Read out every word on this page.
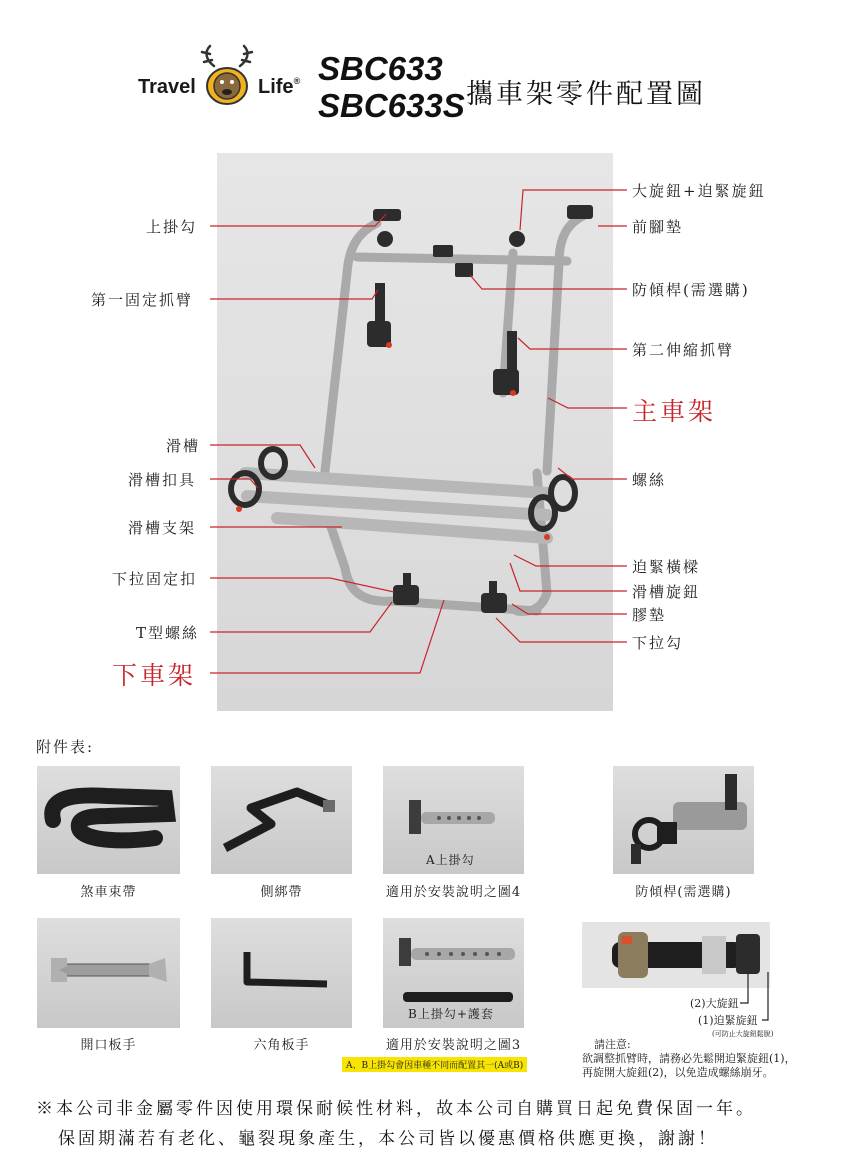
Travel	Life® SBC633
SBC633S 攜車架零件配置圖
上掛勾
第一固定抓臂
滑槽
滑槽扣具
滑槽支架
下拉固定扣
T型螺絲
下車架
大旋鈕+迫緊旋鈕
前腳墊
防傾桿(需選購)
第二伸縮抓臂
主車架
螺絲
迫緊橫樑
滑槽旋鈕
膠墊
下拉勾
附件表:
A上掛勾
煞車束帶	側綁帶	適用於安裝說明之圖4	防傾桿(需選購)
B上掛勾+護套
(2)大旋鈕
(1)迫緊旋鈕
(可防止大旋鈕鬆脫)
開口板手	六角板手	適用於安裝說明之圖3
A、B上掛勾會因車種不同而配置其一(A或B)
請注意:
欲調整抓臂時，請務必先鬆開迫緊旋鈕(1)，
再旋開大旋鈕(2)，以免造成螺絲崩牙。
※本公司非金屬零件因使用環保耐候性材料，故本公司自購買日起免費保固一年。
保固期滿若有老化、龜裂現象產生，本公司皆以優惠價格供應更換，謝謝！
